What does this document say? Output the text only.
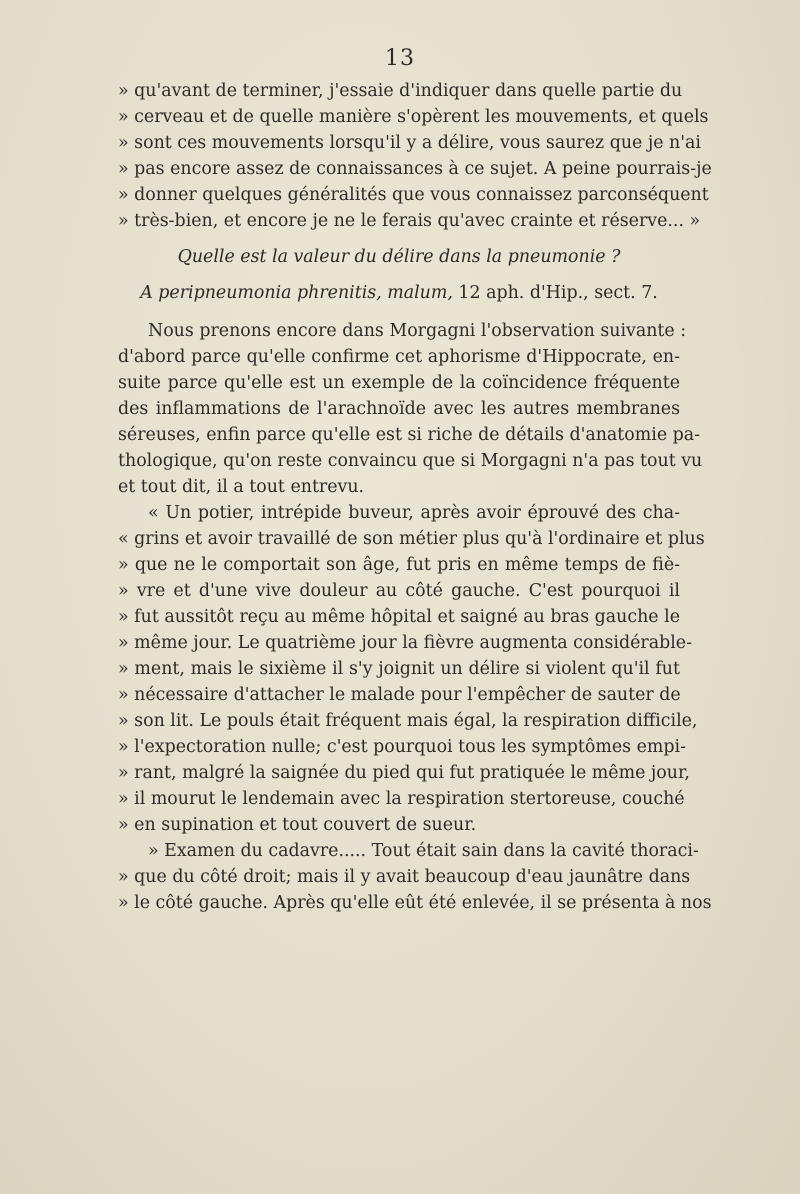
13
» qu'avant de terminer, j'essaie d'indiquer dans quelle partie du
» cerveau et de quelle manière s'opèrent les mouvements, et quels
» sont ces mouvements lorsqu'il y a délire, vous saurez que je n'ai
» pas encore assez de connaissances à ce sujet. A peine pourrais-je
» donner quelques généralités que vous connaissez parconséquent
» très-bien, et encore je ne le ferais qu'avec crainte et réserve... »
Quelle est la valeur du délire dans la pneumonie ?
A peripneumonia phrenitis, malum, 12 aph. d'Hip., sect. 7.
Nous prenons encore dans Morgagni l'observation suivante :
d'abord parce qu'elle confirme cet aphorisme d'Hippocrate, en-
suite parce qu'elle est un exemple de la coïncidence fréquente
des inflammations de l'arachnoïde avec les autres membranes
séreuses, enfin parce qu'elle est si riche de détails d'anatomie pa-
thologique, qu'on reste convaincu que si Morgagni n'a pas tout vu
et tout dit, il a tout entrevu.
« Un potier, intrépide buveur, après avoir éprouvé des cha-
« grins et avoir travaillé de son métier plus qu'à l'ordinaire et plus
» que ne le comportait son âge, fut pris en même temps de fiè-
» vre et d'une vive douleur au côté gauche. C'est pourquoi il
» fut aussitôt reçu au même hôpital et saigné au bras gauche le
» même jour. Le quatrième jour la fièvre augmenta considérable-
» ment, mais le sixième il s'y joignit un délire si violent qu'il fut
» nécessaire d'attacher le malade pour l'empêcher de sauter de
» son lit. Le pouls était fréquent mais égal, la respiration difficile,
» l'expectoration nulle; c'est pourquoi tous les symptômes empi-
» rant, malgré la saignée du pied qui fut pratiquée le même jour,
» il mourut le lendemain avec la respiration stertoreuse, couché
» en supination et tout couvert de sueur.
» Examen du cadavre..... Tout était sain dans la cavité thoraci-
» que du côté droit; mais il y avait beaucoup d'eau jaunâtre dans
» le côté gauche. Après qu'elle eût été enlevée, il se présenta à nos
